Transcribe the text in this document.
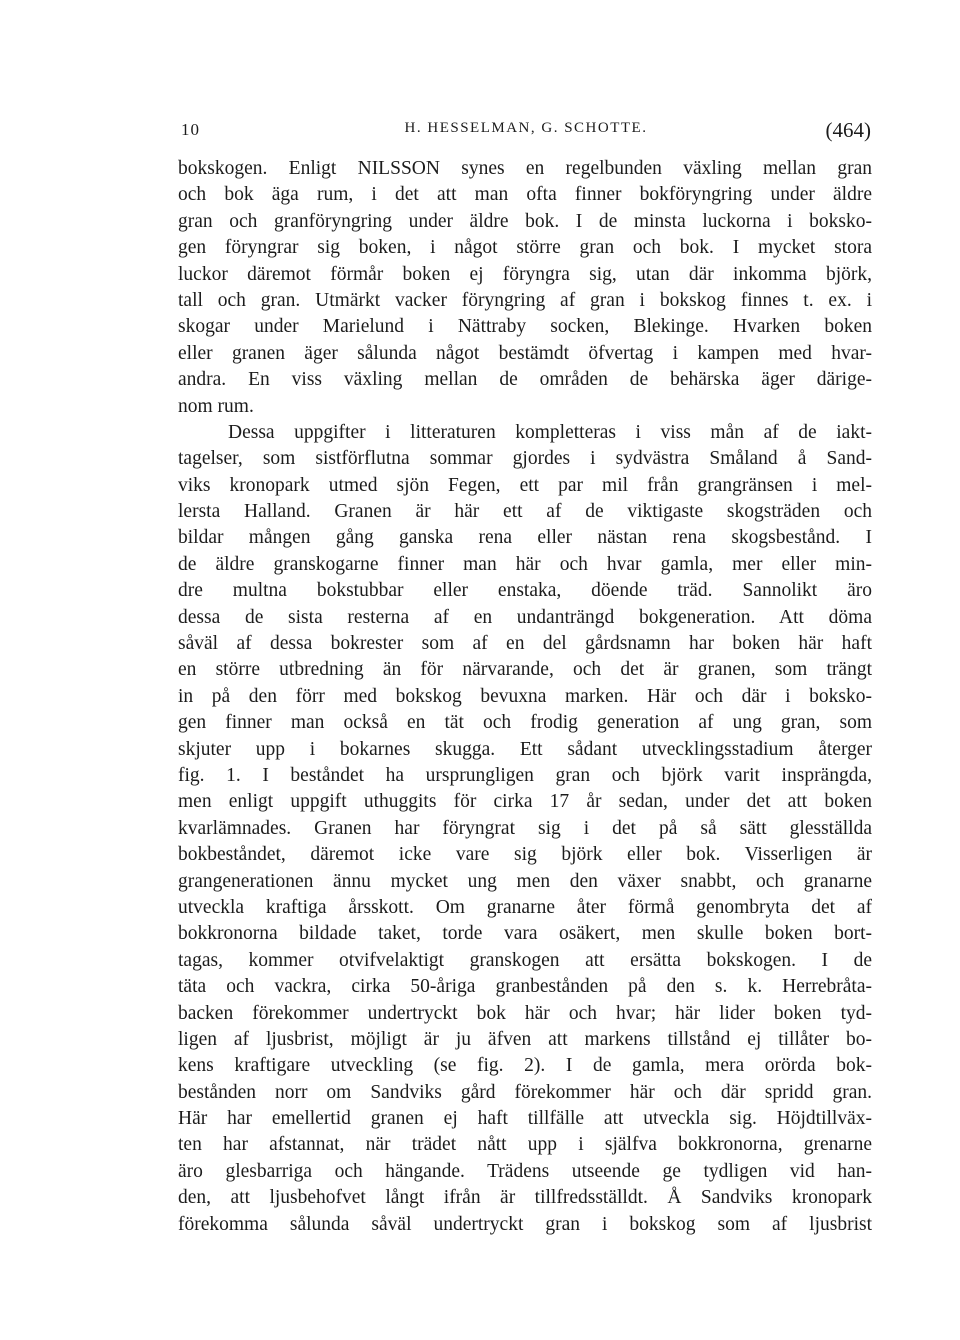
10	H. HESSELMAN, G. SCHOTTE.	(464)
bokskogen. Enligt NILSSON synes en regelbunden växling mellan gran
och bok äga rum, i det att man ofta finner bokföryngring under äldre
gran och granföryngring under äldre bok. I de minsta luckorna i boksko-
gen föryngrar sig boken, i något större gran och bok. I mycket stora
luckor däremot förmår boken ej föryngra sig, utan där inkomma björk,
tall och gran. Utmärkt vacker föryngring af gran i bokskog finnes t. ex. i
skogar under Marielund i Nättraby socken, Blekinge. Hvarken boken
eller granen äger sålunda något bestämdt öfvertag i kampen med hvar-
andra. En viss växling mellan de områden de behärska äger därige-
nom rum.
Dessa uppgifter i litteraturen kompletteras i viss mån af de iakt-
tagelser, som sistförflutna sommar gjordes i sydvästra Småland å Sand-
viks kronopark utmed sjön Fegen, ett par mil från grangränsen i mel-
lersta Halland. Granen är här ett af de viktigaste skogsträden och
bildar mången gång ganska rena eller nästan rena skogsbestånd. I
de äldre granskogarne finner man här och hvar gamla, mer eller min-
dre multna bokstubbar eller enstaka, döende träd. Sannolikt äro
dessa de sista resterna af en undanträngd bokgeneration. Att döma
såväl af dessa bokrester som af en del gårdsnamn har boken här haft
en större utbredning än för närvarande, och det är granen, som trängt
in på den förr med bokskog bevuxna marken. Här och där i boksko-
gen finner man också en tät och frodig generation af ung gran, som
skjuter upp i bokarnes skugga. Ett sådant utvecklingsstadium återger
fig. 1. I beståndet ha ursprungligen gran och björk varit insprängda,
men enligt uppgift uthuggits för cirka 17 år sedan, under det att boken
kvarlämnades. Granen har föryngrat sig i det på så sätt glesställda
bokbeståndet, däremot icke vare sig björk eller bok. Visserligen är
grangenerationen ännu mycket ung men den växer snabbt, och granarne
utveckla kraftiga årsskott. Om granarne åter förmå genombryta det af
bokkronorna bildade taket, torde vara osäkert, men skulle boken bort-
tagas, kommer otvifvelaktigt granskogen att ersätta bokskogen. I de
täta och vackra, cirka 50-åriga granbestånden på den s. k. Herrebråta-
backen förekommer undertryckt bok här och hvar; här lider boken tyd-
ligen af ljusbrist, möjligt är ju äfven att markens tillstånd ej tillåter bo-
kens kraftigare utveckling (se fig. 2). I de gamla, mera orörda bok-
bestånden norr om Sandviks gård förekommer här och där spridd gran.
Här har emellertid granen ej haft tillfälle att utveckla sig. Höjdtillväx-
ten har afstannat, när trädet nått upp i själfva bokkronorna, grenarne
äro glesbarriga och hängande. Trädens utseende ge tydligen vid han-
den, att ljusbehofvet långt ifrån är tillfredsställdt. Å Sandviks kronopark
förekomma sålunda såväl undertryckt gran i bokskog som af ljusbrist
